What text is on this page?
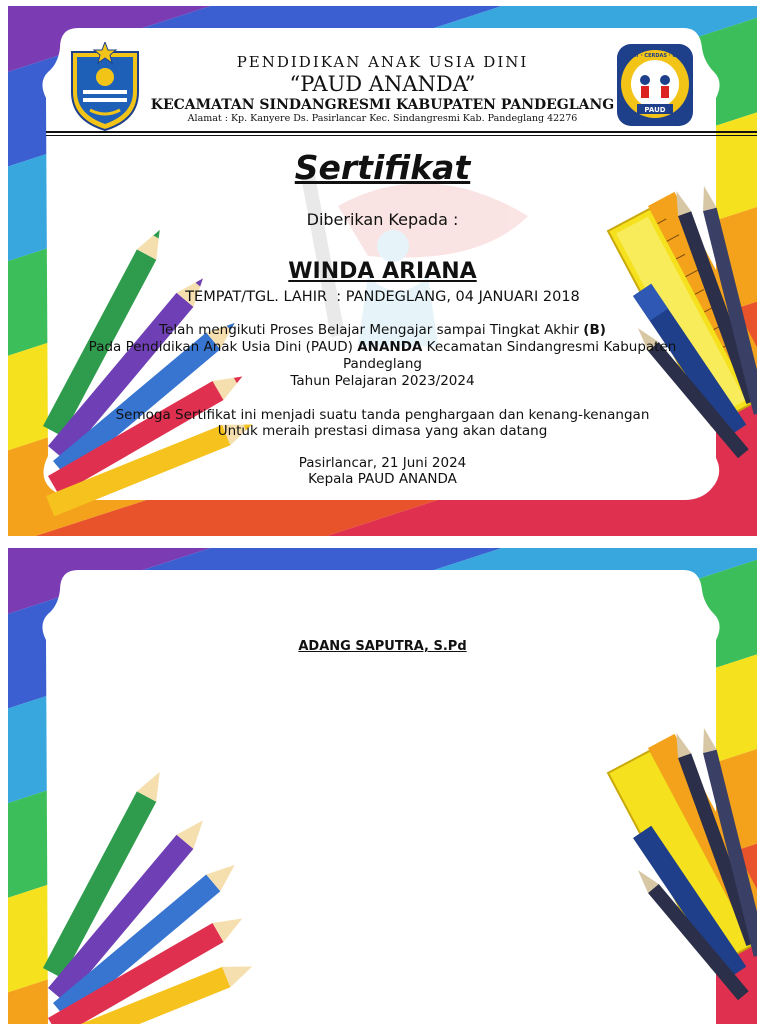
PAUD
SEHAT · CERDAS · CERIA
PENDIDIKAN ANAK USIA DINI
“PAUD ANANDA”
KECAMATAN SINDANGRESMI KABUPATEN PANDEGLANG
Alamat : Kp. Kanyere Ds. Pasirlancar Kec. Sindangresmi Kab. Pandeglang 42276
Sertifikat
Diberikan Kepada :
WINDA ARIANA
TEMPAT/TGL. LAHIR  : PANDEGLANG, 04 JANUARI 2018
Telah mengikuti Proses Belajar Mengajar sampai Tingkat Akhir (B)
Pada Pendidikan Anak Usia Dini (PAUD) ANANDA Kecamatan Sindangresmi Kabupaten
Pandeglang
Tahun Pelajaran 2023/2024
Semoga Sertifikat ini menjadi suatu tanda penghargaan dan kenang-kenangan
Untuk meraih prestasi dimasa yang akan datang
Pasirlancar, 21 Juni 2024
Kepala PAUD ANANDA
ADANG SAPUTRA, S.Pd
